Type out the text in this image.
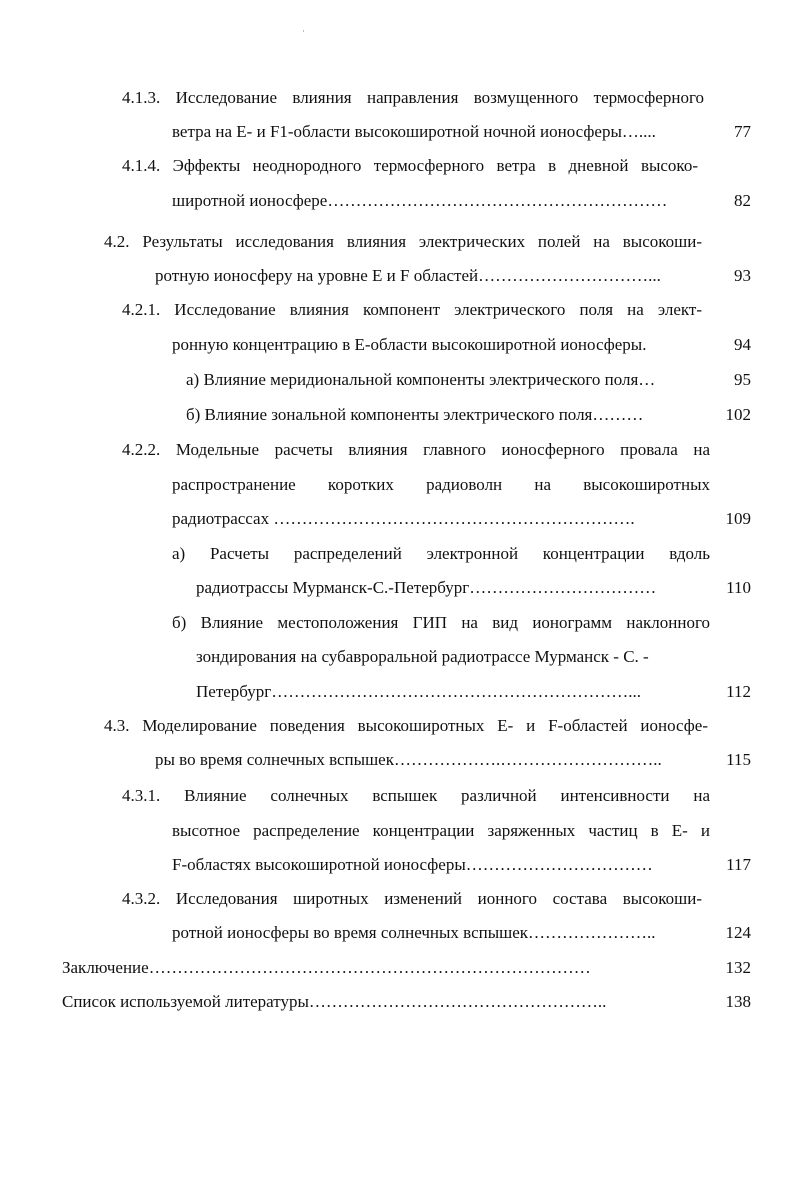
4.1.3. Исследование влияния направления возмущенного термосферного
ветра на Е- и F1-области высокоширотной ночной ионосферы…....	77
4.1.4. Эффекты неоднородного термосферного ветра в дневной высоко-
широтной ионосфере……………………………………………………	82
4.2. Результаты исследования влияния электрических полей на высокоши-
ротную ионосферу на уровне Е и F областей…………………………...	93
4.2.1. Исследование влияния компонент электрического поля на элект-
ронную концентрацию в Е-области высокоширотной ионосферы.	94
а) Влияние меридиональной компоненты электрического поля…	95
б) Влияние зональной компоненты электрического поля………	102
4.2.2. Модельные расчеты влияния главного ионосферного провала на
распространение коротких радиоволн на высокоширотных
радиотрассах ……………………………………………………….	109
а) Расчеты распределений электронной концентрации вдоль
радиотрассы Мурманск-С.-Петербург……………………………	110
б) Влияние местоположения ГИП на вид ионограмм наклонного
зондирования на субавроральной радиотрассе Мурманск - С. -
Петербург………………………………………………………...	112
4.3. Моделирование поведения высокоширотных Е- и F-областей ионосфе-
ры во время солнечных вспышек……………….………………………..	115
4.3.1. Влияние солнечных вспышек различной интенсивности на
высотное распределение концентрации заряженных частиц в Е- и
F-областях высокоширотной ионосферы……………………………	117
4.3.2. Исследования широтных изменений ионного состава высокоши-
ротной ионосферы во время солнечных вспышек…………………..	124
Заключение……………………………………………………………………	132
Список используемой литературы……………………………………………..	138
